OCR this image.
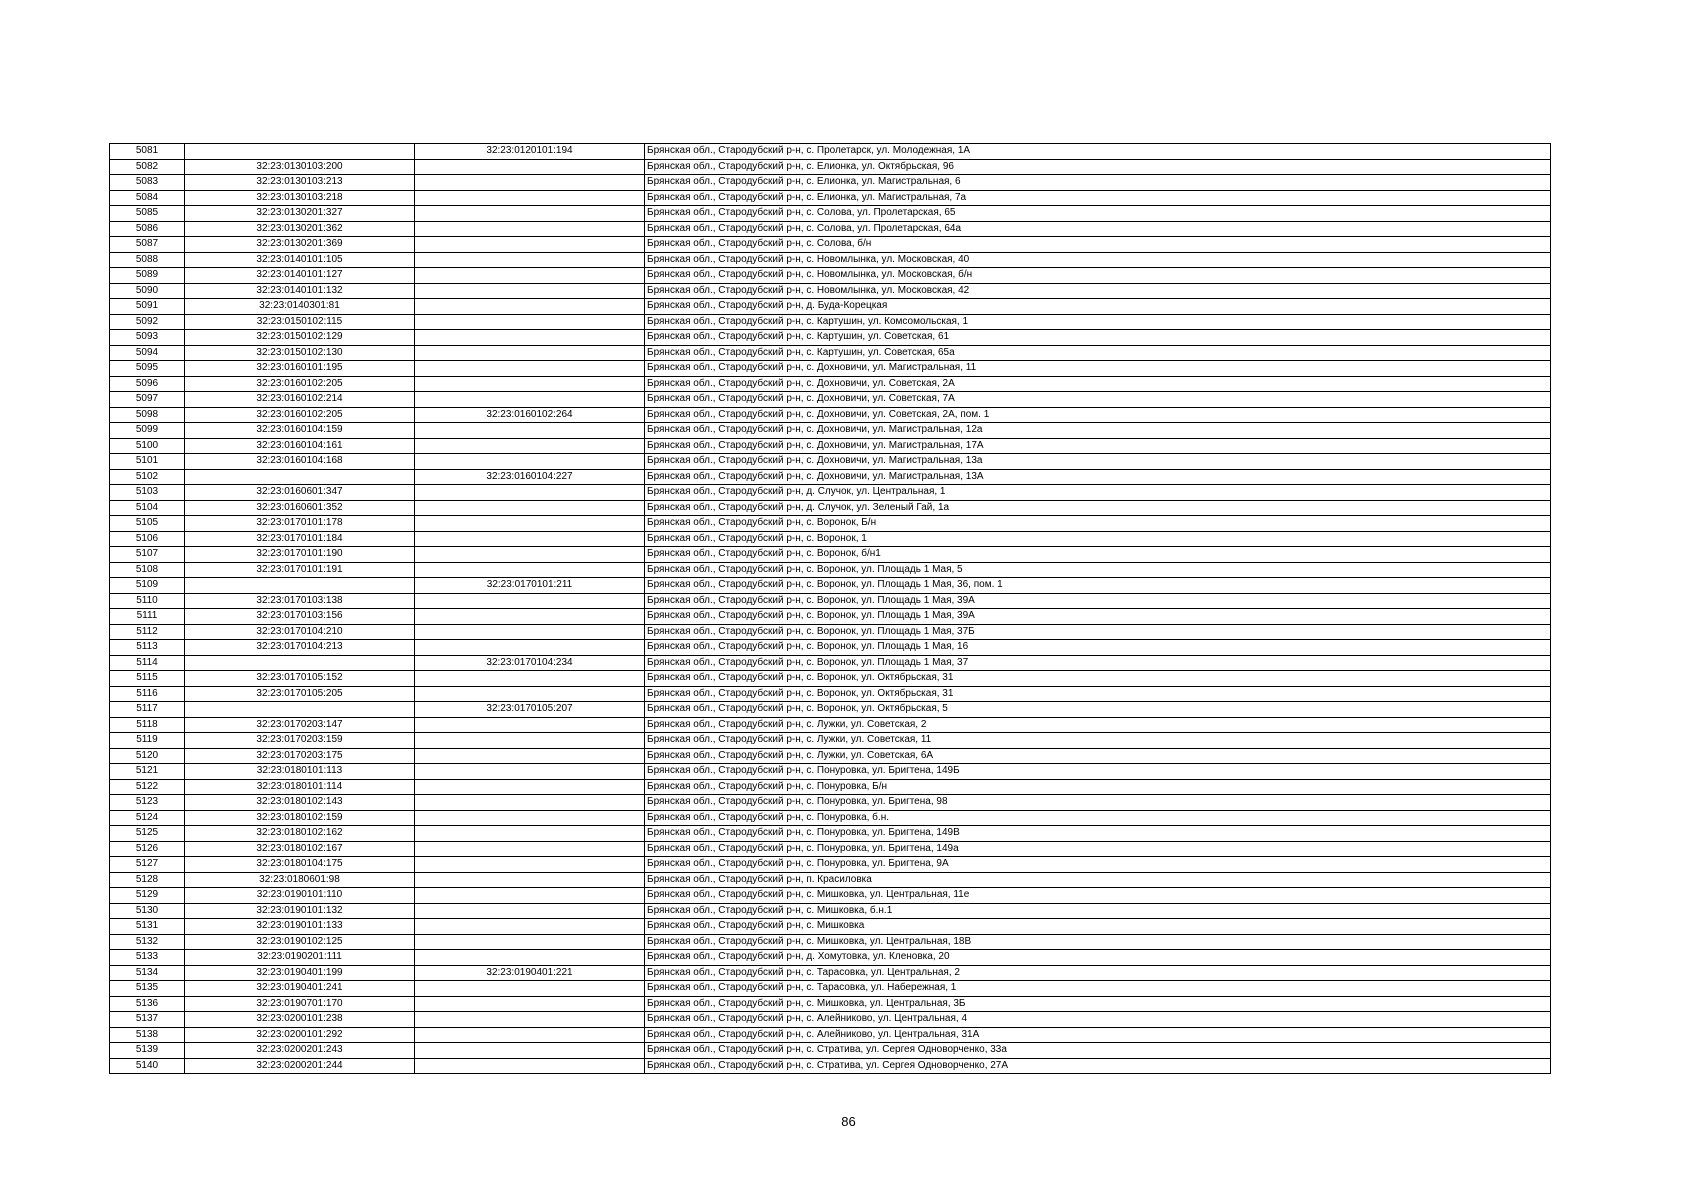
5081		32:23:0120101:194	Брянская обл., Стародубский р-н, с. Пролетарск, ул. Молодежная, 1А
5082	32:23:0130103:200		Брянская обл., Стародубский р-н, с. Елионка, ул. Октябрьская, 96
5083	32:23:0130103:213		Брянская обл., Стародубский р-н, с. Елионка, ул. Магистральная, 6
5084	32:23:0130103:218		Брянская обл., Стародубский р-н, с. Елионка, ул. Магистральная, 7а
5085	32:23:0130201:327		Брянская обл., Стародубский р-н, с. Солова, ул. Пролетарская, 65
5086	32:23:0130201:362		Брянская обл., Стародубский р-н, с. Солова, ул. Пролетарская, 64а
5087	32:23:0130201:369		Брянская обл., Стародубский р-н, с. Солова, б/н
5088	32:23:0140101:105		Брянская обл., Стародубский р-н, с. Новомлынка, ул. Московская, 40
5089	32:23:0140101:127		Брянская обл., Стародубский р-н, с. Новомлынка, ул. Московская, б/н
5090	32:23:0140101:132		Брянская обл., Стародубский р-н, с. Новомлынка, ул. Московская, 42
5091	32:23:0140301:81		Брянская обл., Стародубский р-н, д. Буда-Корецкая
5092	32:23:0150102:115		Брянская обл., Стародубский р-н, с. Картушин, ул. Комсомольская, 1
5093	32:23:0150102:129		Брянская обл., Стародубский р-н, с. Картушин, ул. Советская, 61
5094	32:23:0150102:130		Брянская обл., Стародубский р-н, с. Картушин, ул. Советская, 65а
5095	32:23:0160101:195		Брянская обл., Стародубский р-н, с. Дохновичи, ул. Магистральная, 11
5096	32:23:0160102:205		Брянская обл., Стародубский р-н, с. Дохновичи, ул. Советская, 2А
5097	32:23:0160102:214		Брянская обл., Стародубский р-н, с. Дохновичи, ул. Советская, 7А
5098	32:23:0160102:205	32:23:0160102:264	Брянская обл., Стародубский р-н, с. Дохновичи, ул. Советская, 2А, пом. 1
5099	32:23:0160104:159		Брянская обл., Стародубский р-н, с. Дохновичи, ул. Магистральная, 12а
5100	32:23:0160104:161		Брянская обл., Стародубский р-н, с. Дохновичи, ул. Магистральная, 17А
5101	32:23:0160104:168		Брянская обл., Стародубский р-н, с. Дохновичи, ул. Магистральная, 13а
5102		32:23:0160104:227	Брянская обл., Стародубский р-н, с. Дохновичи, ул. Магистральная, 13А
5103	32:23:0160601:347		Брянская обл., Стародубский р-н, д. Случок, ул. Центральная, 1
5104	32:23:0160601:352		Брянская обл., Стародубский р-н, д. Случок, ул. Зеленый Гай, 1а
5105	32:23:0170101:178		Брянская обл., Стародубский р-н, с. Воронок, Б/н
5106	32:23:0170101:184		Брянская обл., Стародубский р-н, с. Воронок, 1
5107	32:23:0170101:190		Брянская обл., Стародубский р-н, с. Воронок, б/н1
5108	32:23:0170101:191		Брянская обл., Стародубский р-н, с. Воронок, ул. Площадь 1 Мая, 5
5109		32:23:0170101:211	Брянская обл., Стародубский р-н, с. Воронок, ул. Площадь 1 Мая, 36, пом. 1
5110	32:23:0170103:138		Брянская обл., Стародубский р-н, с. Воронок, ул. Площадь 1 Мая, 39А
5111	32:23:0170103:156		Брянская обл., Стародубский р-н, с. Воронок, ул. Площадь 1 Мая, 39А
5112	32:23:0170104:210		Брянская обл., Стародубский р-н, с. Воронок, ул. Площадь 1 Мая, 37Б
5113	32:23:0170104:213		Брянская обл., Стародубский р-н, с. Воронок, ул. Площадь 1 Мая, 16
5114		32:23:0170104:234	Брянская обл., Стародубский р-н, с. Воронок, ул. Площадь 1 Мая, 37
5115	32:23:0170105:152		Брянская обл., Стародубский р-н, с. Воронок, ул. Октябрьская, 31
5116	32:23:0170105:205		Брянская обл., Стародубский р-н, с. Воронок, ул. Октябрьская, 31
5117		32:23:0170105:207	Брянская обл., Стародубский р-н, с. Воронок, ул. Октябрьская, 5
5118	32:23:0170203:147		Брянская обл., Стародубский р-н, с. Лужки, ул. Советская, 2
5119	32:23:0170203:159		Брянская обл., Стародубский р-н, с. Лужки, ул. Советская, 11
5120	32:23:0170203:175		Брянская обл., Стародубский р-н, с. Лужки, ул. Советская, 6А
5121	32:23:0180101:113		Брянская обл., Стародубский р-н, с. Понуровка, ул. Бригтена, 149Б
5122	32:23:0180101:114		Брянская обл., Стародубский р-н, с. Понуровка, Б/н
5123	32:23:0180102:143		Брянская обл., Стародубский р-н, с. Понуровка, ул. Бригтена, 98
5124	32:23:0180102:159		Брянская обл., Стародубский р-н, с. Понуровка, б.н.
5125	32:23:0180102:162		Брянская обл., Стародубский р-н, с. Понуровка, ул. Бригтена, 149В
5126	32:23:0180102:167		Брянская обл., Стародубский р-н, с. Понуровка, ул. Бригтена, 149а
5127	32:23:0180104:175		Брянская обл., Стародубский р-н, с. Понуровка, ул. Бригтена, 9А
5128	32:23:0180601:98		Брянская обл., Стародубский р-н, п. Красиловка
5129	32:23:0190101:110		Брянская обл., Стародубский р-н, с. Мишковка, ул. Центральная, 11е
5130	32:23:0190101:132		Брянская обл., Стародубский р-н, с. Мишковка, б.н.1
5131	32:23:0190101:133		Брянская обл., Стародубский р-н, с. Мишковка
5132	32:23:0190102:125		Брянская обл., Стародубский р-н, с. Мишковка, ул. Центральная, 18В
5133	32:23:0190201:111		Брянская обл., Стародубский р-н, д. Хомутовка, ул. Кленовка, 20
5134	32:23:0190401:199	32:23:0190401:221	Брянская обл., Стародубский р-н, с. Тарасовка, ул. Центральная, 2
5135	32:23:0190401:241		Брянская обл., Стародубский р-н, с. Тарасовка, ул. Набережная, 1
5136	32:23:0190701:170		Брянская обл., Стародубский р-н, с. Мишковка, ул. Центральная, 3Б
5137	32:23:0200101:238		Брянская обл., Стародубский р-н, с. Алейниково, ул. Центральная, 4
5138	32:23:0200101:292		Брянская обл., Стародубский р-н, с. Алейниково, ул. Центральная, 31А
5139	32:23:0200201:243		Брянская обл., Стародубский р-н, с. Стратива, ул. Сергея Одноворченко, 33а
5140	32:23:0200201:244		Брянская обл., Стародубский р-н, с. Стратива, ул. Сергея Одноворченко, 27А
86
